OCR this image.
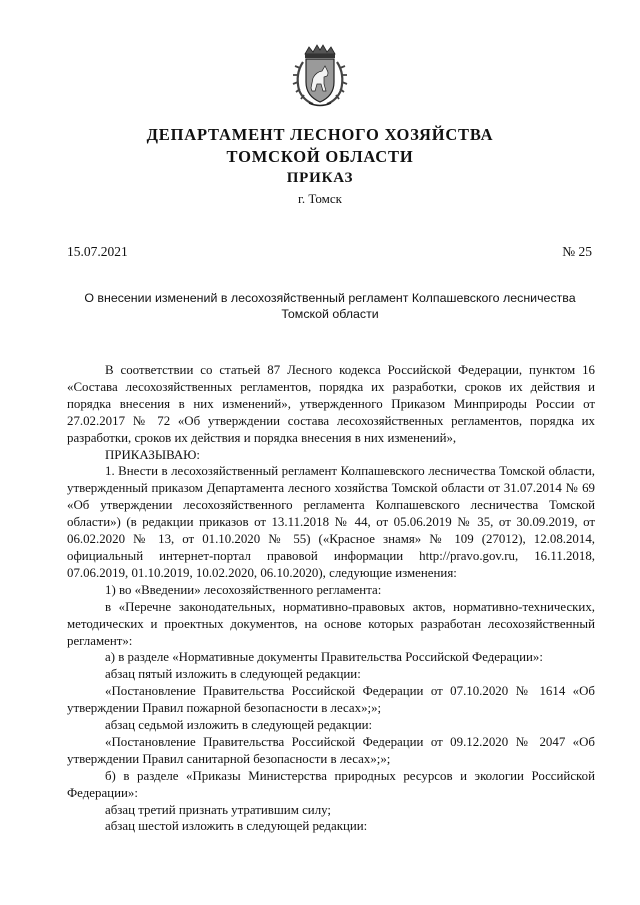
ДЕПАРТАМЕНТ ЛЕСНОГО ХОЗЯЙСТВА
ТОМСКОЙ ОБЛАСТИ
ПРИКАЗ
г. Томск
15.07.2021	№ 25
О внесении изменений в лесохозяйственный регламент Колпашевского лесничества Томской области

В соответствии со статьей 87 Лесного кодекса Российской Федерации, пунктом 16 «Состава лесохозяйственных регламентов, порядка их разработки, сроков их действия и порядка внесения в них изменений», утвержденного Приказом Минприроды России от 27.02.2017 № 72 «Об утверждении состава лесохозяйственных регламентов, порядка их разработки, сроков их действия и порядка внесения в них изменений»,

ПРИКАЗЫВАЮ:

1. Внести в лесохозяйственный регламент Колпашевского лесничества Томской области, утвержденный приказом Департамента лесного хозяйства Томской области от 31.07.2014 № 69 «Об утверждении лесохозяйственного регламента Колпашевского лесничества Томской области») (в редакции приказов от 13.11.2018 № 44, от 05.06.2019 № 35, от 30.09.2019, от 06.02.2020 № 13, от 01.10.2020 № 55) («Красное знамя» № 109 (27012), 12.08.2014, официальный интернет-портал правовой информации http://pravo.gov.ru, 16.11.2018, 07.06.2019, 01.10.2019, 10.02.2020, 06.10.2020), следующие изменения:

1) во «Введении» лесохозяйственного регламента:

в «Перечне законодательных, нормативно-правовых актов, нормативно-технических, методических и проектных документов, на основе которых разработан лесохозяйственный регламент»:

а) в разделе «Нормативные документы Правительства Российской Федерации»:

абзац пятый изложить в следующей редакции:

«Постановление Правительства Российской Федерации от 07.10.2020 № 1614 «Об утверждении Правил пожарной безопасности в лесах»;»;

абзац седьмой изложить в следующей редакции:

«Постановление Правительства Российской Федерации от 09.12.2020 № 2047 «Об утверждении Правил санитарной безопасности в лесах»;»;

б) в разделе «Приказы Министерства природных ресурсов и экологии Российской Федерации»:

абзац третий признать утратившим силу;

абзац шестой изложить в следующей редакции:
